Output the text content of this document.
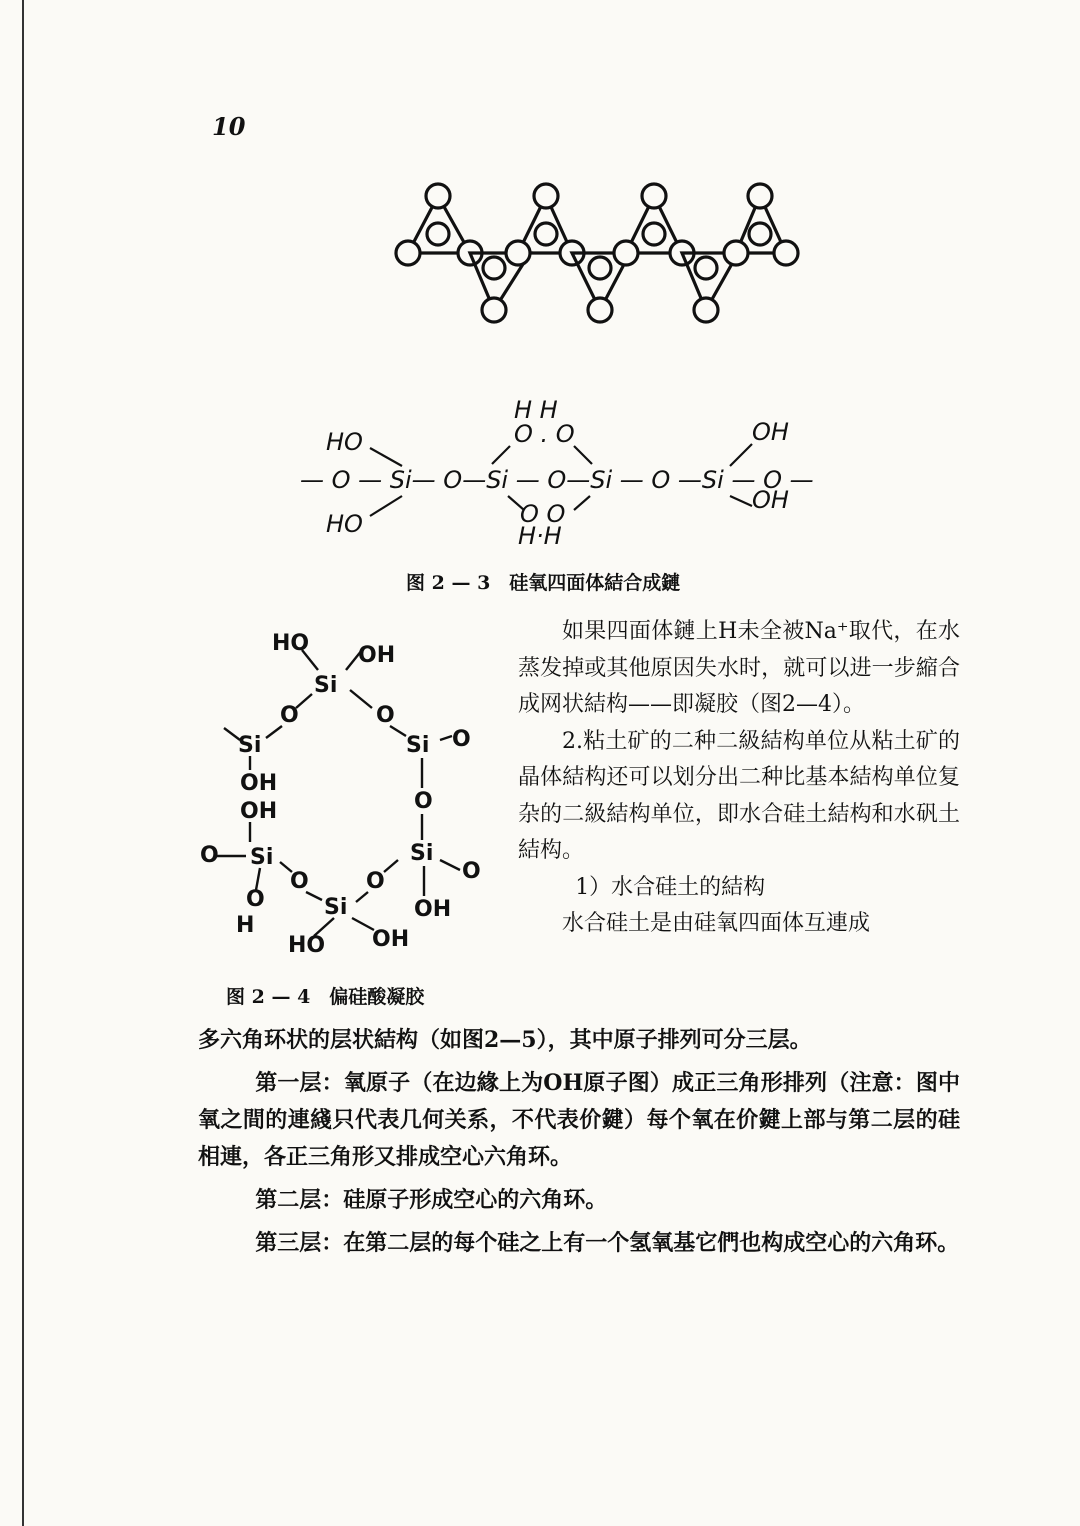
10
H H
O . O
HO	OH
— O — Si— O—Si — O—Si — O —Si — O —
O O
HO
OH
H·H
图 2 — 3　硅氧四面体結合成鏈
HO OH
Si
O	O
Si	Si O
OH
OH	O
O Si	Si
O
O	O
O	Si	OH
H
OH
HO
图 2 — 4　偏硅酸凝胶

如果四面体鏈上H未全被Na⁺取代，在水蒸发掉或其他原因失水时，就可以进一步縮合成网状結构——即凝胶（图2—4）。

2.粘土矿的二种二級結构单位从粘土矿的晶体結构还可以划分出二种比基本結构单位复杂的二級結构单位，即水合硅土結构和水矾土結构。

1）水合硅土的結构

水合硅土是由硅氧四面体互連成

多六角环状的层状結构（如图2—5），其中原子排列可分三层。

第一层：氧原子（在边緣上为OH原子图）成正三角形排列（注意：图中氧之間的連綫只代表几何关系，不代表价鍵）每个氧在价鍵上部与第二层的硅相連，各正三角形又排成空心六角环。

第二层：硅原子形成空心的六角环。

第三层：在第二层的每个硅之上有一个氢氧基它們也构成空心的六角环。
